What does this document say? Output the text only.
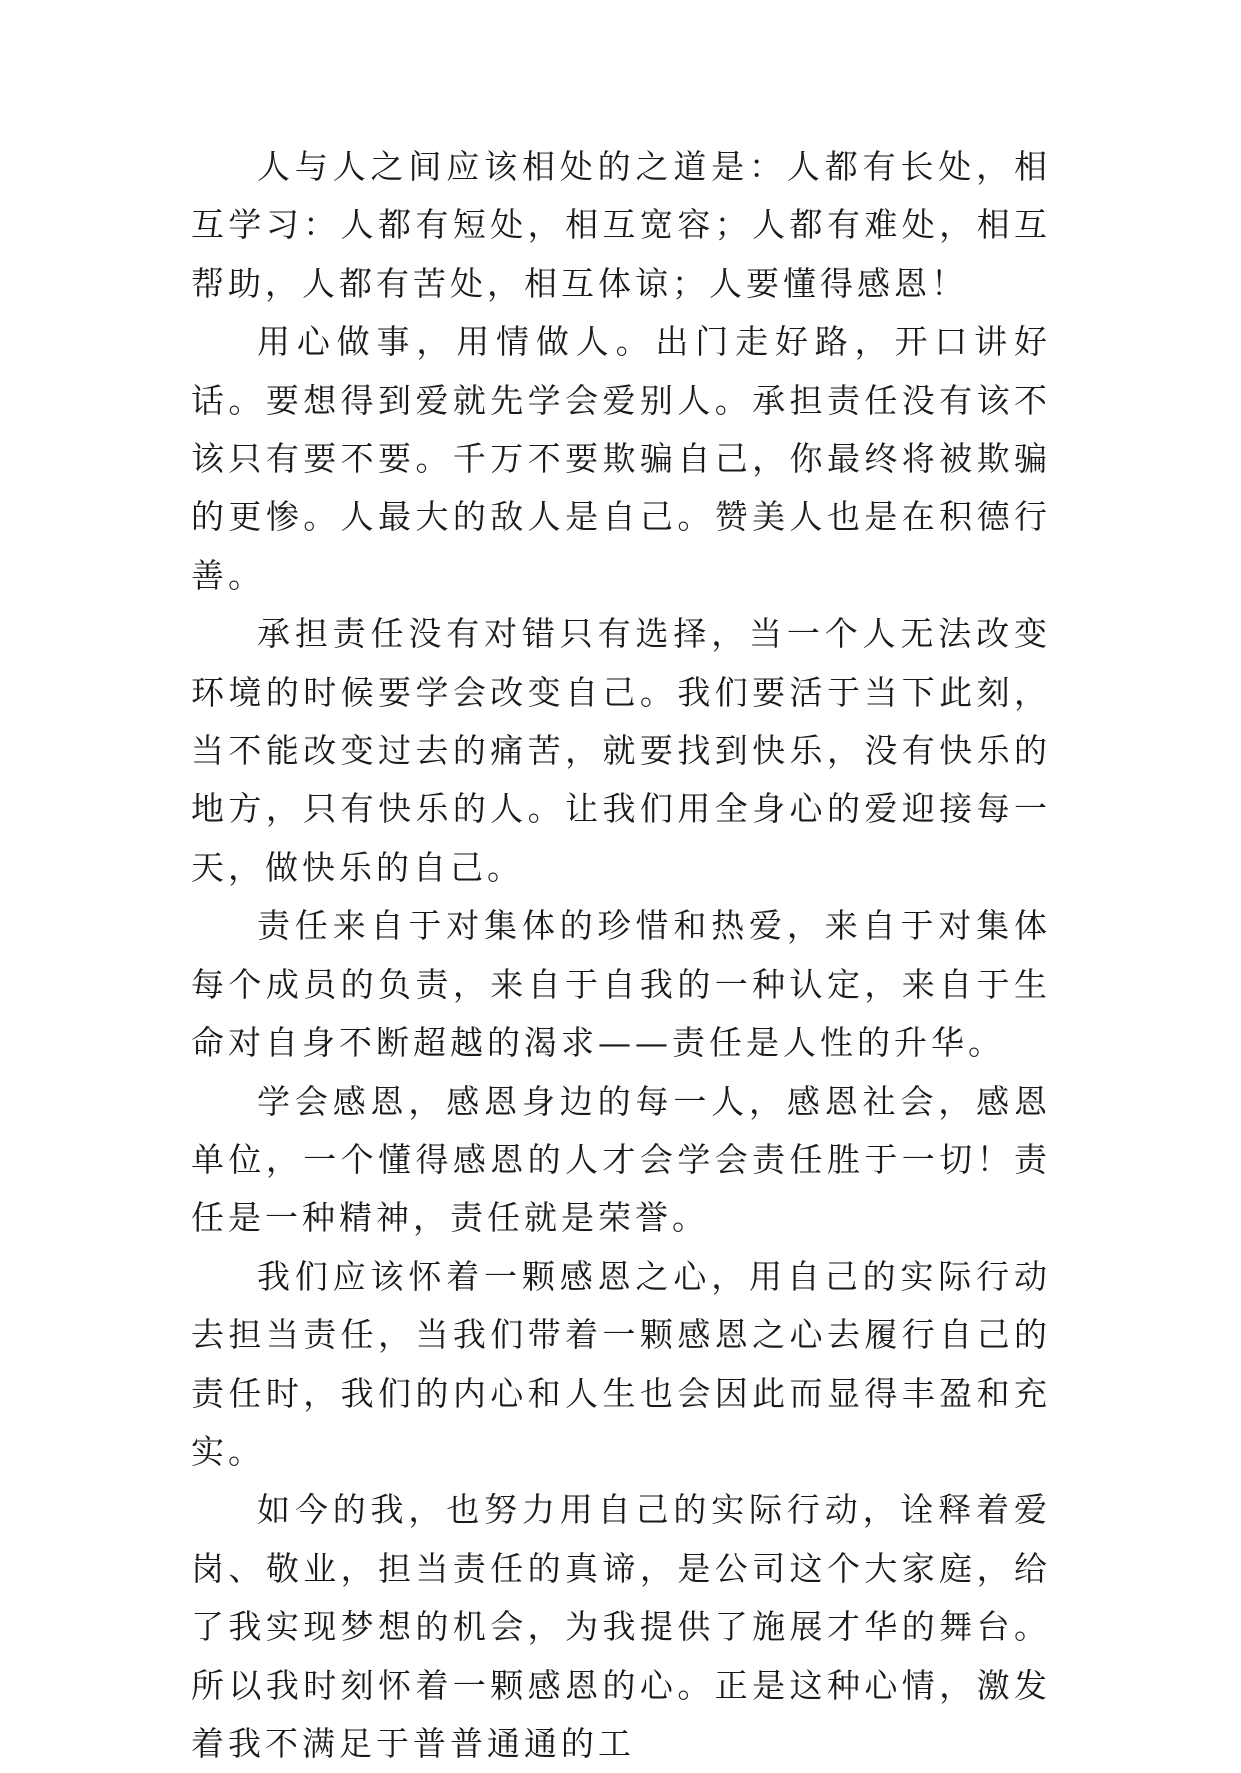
人与人之间应该相处的之道是：人都有长处，相互学习：人都有短处，相互宽容；人都有难处，相互帮助，人都有苦处，相互体谅；人要懂得感恩！

用心做事，用情做人。出门走好路，开口讲好话。要想得到爱就先学会爱别人。承担责任没有该不该只有要不要。千万不要欺骗自己，你最终将被欺骗的更惨。人最大的敌人是自己。赞美人也是在积德行善。

承担责任没有对错只有选择，当一个人无法改变环境的时候要学会改变自己。我们要活于当下此刻，当不能改变过去的痛苦，就要找到快乐，没有快乐的地方，只有快乐的人。让我们用全身心的爱迎接每一天，做快乐的自己。

责任来自于对集体的珍惜和热爱，来自于对集体每个成员的负责，来自于自我的一种认定，来自于生命对自身不断超越的渴求——责任是人性的升华。

学会感恩，感恩身边的每一人，感恩社会，感恩单位，一个懂得感恩的人才会学会责任胜于一切！责任是一种精神，责任就是荣誉。

我们应该怀着一颗感恩之心，用自己的实际行动去担当责任，当我们带着一颗感恩之心去履行自己的责任时，我们的内心和人生也会因此而显得丰盈和充实。

如今的我，也努力用自己的实际行动，诠释着爱岗、敬业，担当责任的真谛，是公司这个大家庭，给了我实现梦想的机会，为我提供了施展才华的舞台。所以我时刻怀着一颗感恩的心。正是这种心情，激发着我不满足于普普通通的工
